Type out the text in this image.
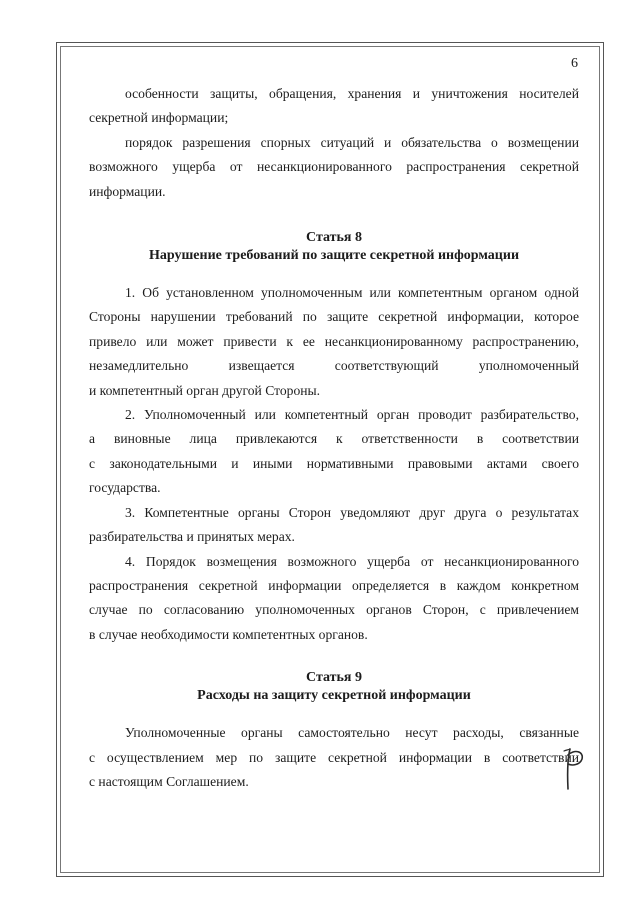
6
особенности защиты, обращения, хранения и уничтожения носителей
секретной информации;
порядок разрешения спорных ситуаций и обязательства о возмещении
возможного ущерба от несанкционированного распространения секретной
информации.

Статья 8

Нарушение требований по защите секретной информации

1. Об установленном уполномоченным или компетентным органом одной
Стороны нарушении требований по защите секретной информации, которое
привело или может привести к ее несанкционированному распространению,
незамедлительно извещается соответствующий уполномоченный
и компетентный орган другой Стороны.
2. Уполномоченный или компетентный орган проводит разбирательство,
а виновные лица привлекаются к ответственности в соответствии
с законодательными и иными нормативными правовыми актами своего
государства.
3. Компетентные органы Сторон уведомляют друг друга о результатах
разбирательства и принятых мерах.
4. Порядок возмещения возможного ущерба от несанкционированного
распространения секретной информации определяется в каждом конкретном
случае по согласованию уполномоченных органов Сторон, с привлечением
в случае необходимости компетентных органов.

Статья 9

Расходы на защиту секретной информации

Уполномоченные органы самостоятельно несут расходы, связанные
с осуществлением мер по защите секретной информации в соответствии
с настоящим Соглашением.
